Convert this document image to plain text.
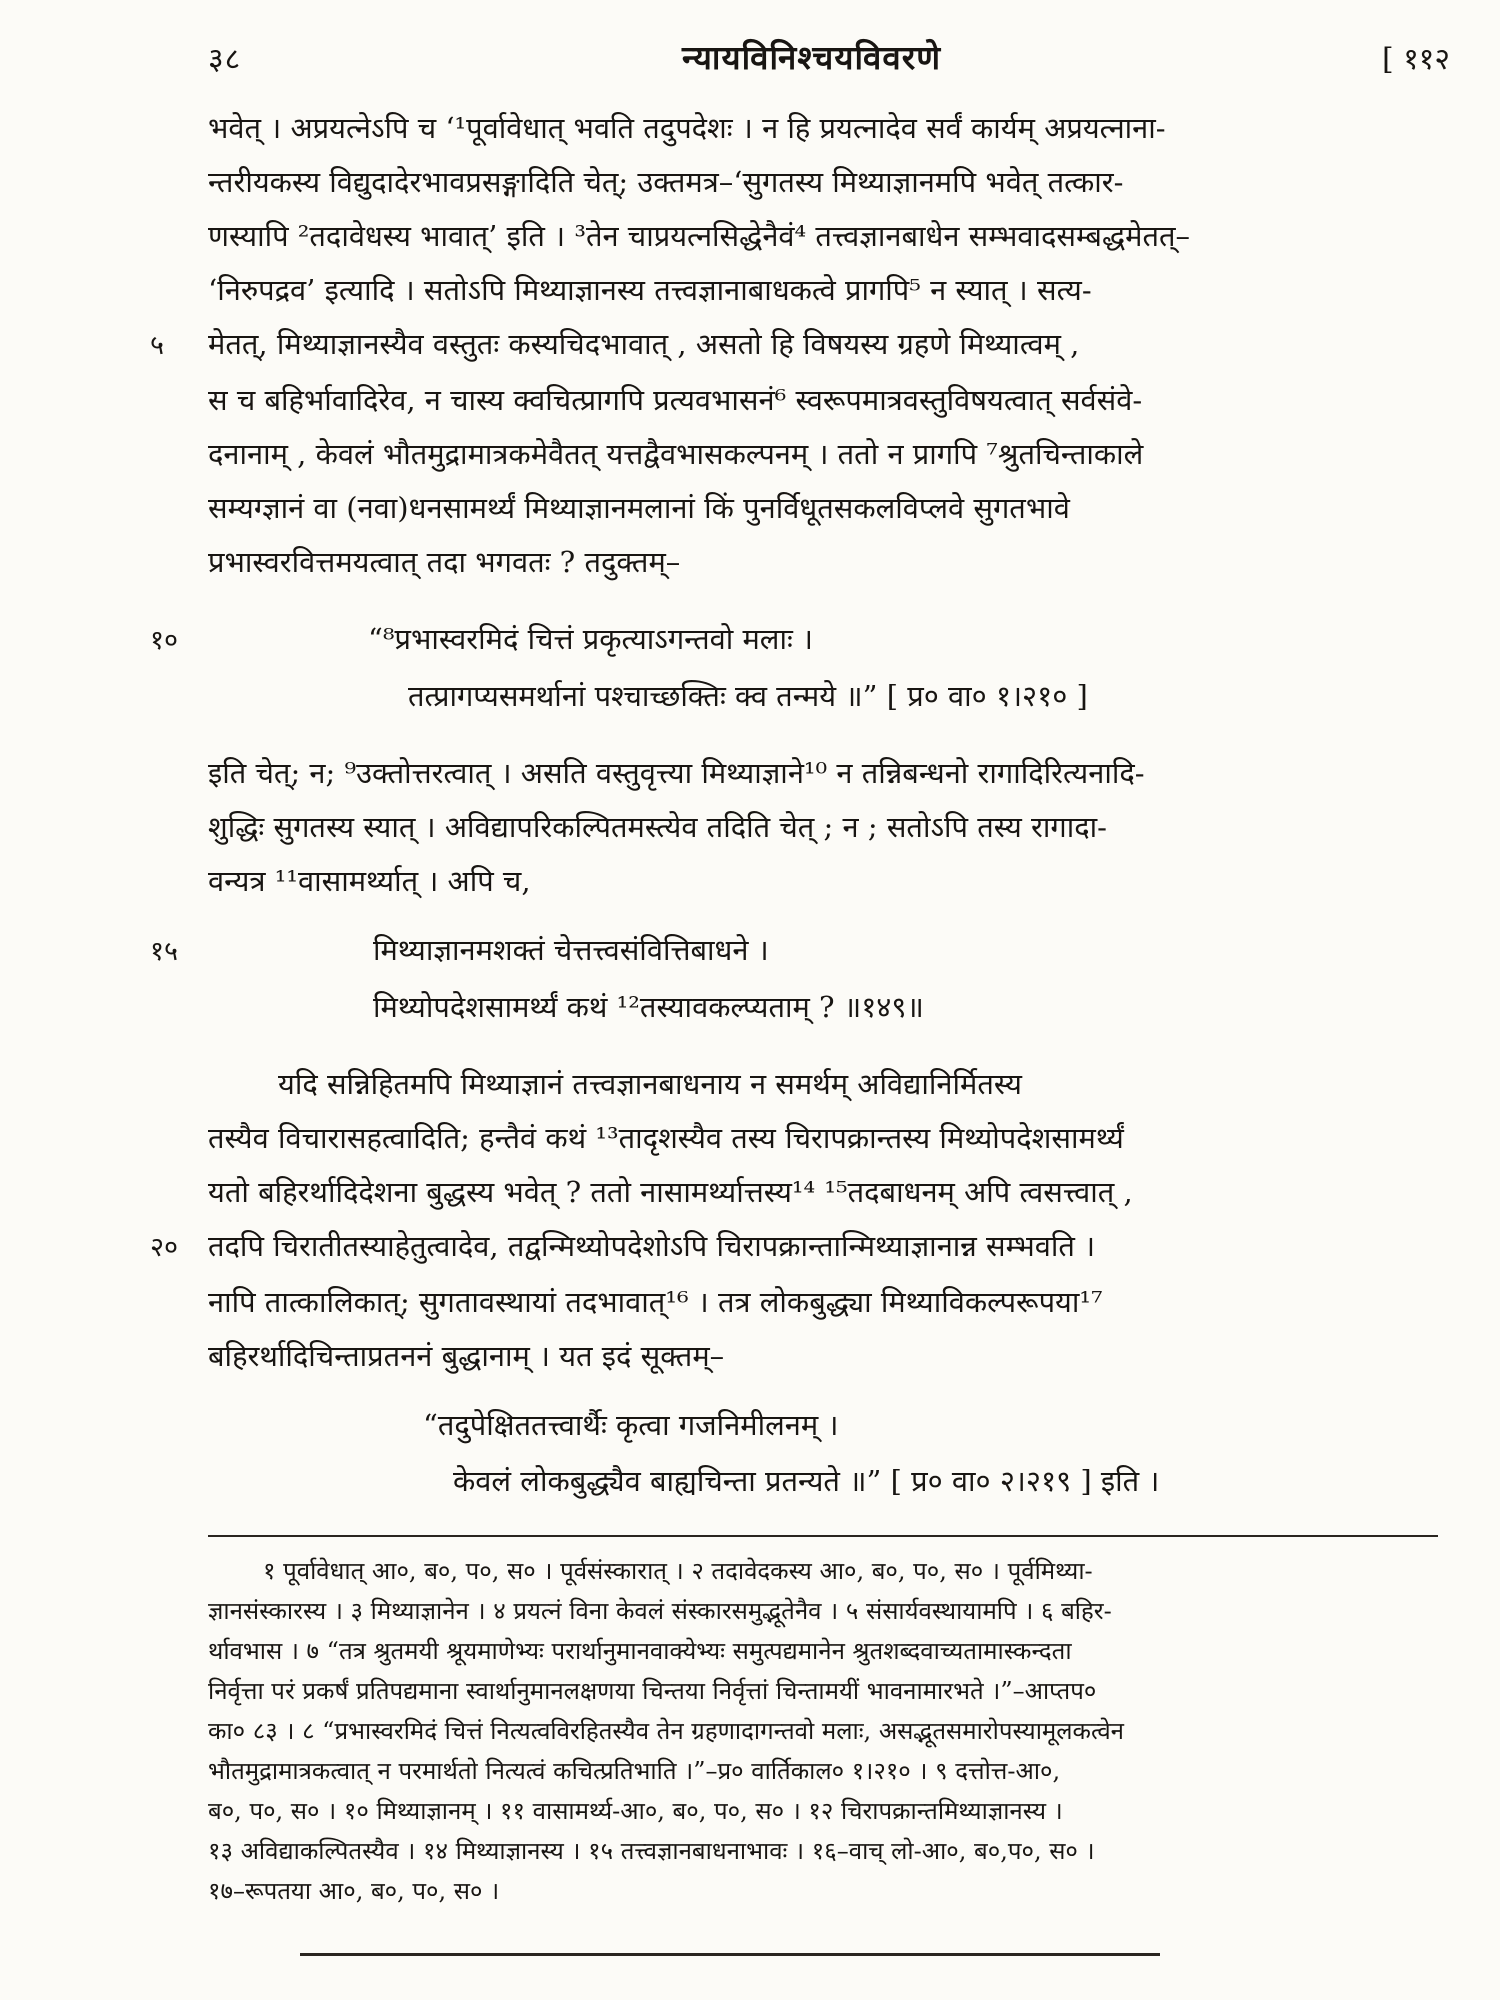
३८	न्यायविनिश्चयविवरणे	[ ११२
भवेत् । अप्रयत्नेऽपि च ‘¹पूर्वावेधात् भवति तदुपदेशः । न हि प्रयत्नादेव सर्वं कार्यम् अप्रयत्नाना-
न्तरीयकस्य विद्युदादेरभावप्रसङ्गादिति चेत्; उक्तमत्र–‘सुगतस्य मिथ्याज्ञानमपि भवेत् तत्कार-
णस्यापि ²तदावेधस्य भावात्’ इति । ³तेन चाप्रयत्नसिद्धेनैवं⁴ तत्त्वज्ञानबाधेन सम्भवादसम्बद्धमेतत्–
‘निरुपद्रव’ इत्यादि । सतोऽपि मिथ्याज्ञानस्य तत्त्वज्ञानाबाधकत्वे प्रागपि⁵ न स्यात् । सत्य-
५	मेतत्, मिथ्याज्ञानस्यैव वस्तुतः कस्यचिदभावात् , असतो हि विषयस्य ग्रहणे मिथ्यात्वम् ,
स च बहिर्भावादिरेव, न चास्य क्वचित्प्रागपि प्रत्यवभासनं⁶ स्वरूपमात्रवस्तुविषयत्वात् सर्वसंवे-
दनानाम् , केवलं भौतमुद्रामात्रकमेवैतत् यत्तद्वैवभासकल्पनम् । ततो न प्रागपि ⁷श्रुतचिन्ताकाले
सम्यग्ज्ञानं वा (नवा)धनसामर्थ्यं मिथ्याज्ञानमलानां किं पुनर्विधूतसकलविप्लवे सुगतभावे
प्रभास्वरवित्तमयत्वात् तदा भगवतः ? तदुक्तम्–
१०	“⁸प्रभास्वरमिदं चित्तं प्रकृत्याऽगन्तवो मलाः ।
तत्प्रागप्यसमर्थानां पश्चाच्छक्तिः क्व तन्मये ॥” [ प्र० वा० १।२१० ]
इति चेत्; न; ⁹उक्तोत्तरत्वात् । असति वस्तुवृत्त्या मिथ्याज्ञाने¹⁰ न तन्निबन्धनो रागादिरित्यनादि-
शुद्धिः सुगतस्य स्यात् । अविद्यापरिकल्पितमस्त्येव तदिति चेत् ; न ; सतोऽपि तस्य रागादा-
वन्यत्र ¹¹वासामर्थ्यात् । अपि च,
१५	मिथ्याज्ञानमशक्तं चेत्तत्त्वसंवित्तिबाधने ।
मिथ्योपदेशसामर्थ्यं कथं ¹²तस्यावकल्प्यताम् ? ॥१४९॥
यदि सन्निहितमपि मिथ्याज्ञानं तत्त्वज्ञानबाधनाय न समर्थम् अविद्यानिर्मितस्य
तस्यैव विचारासहत्वादिति; हन्तैवं कथं ¹³तादृशस्यैव तस्य चिरापक्रान्तस्य मिथ्योपदेशसामर्थ्यं
यतो बहिरर्थादिदेशना बुद्धस्य भवेत् ? ततो नासामर्थ्यात्तस्य¹⁴ ¹⁵तदबाधनम् अपि त्वसत्त्वात् ,
२०	तदपि चिरातीतस्याहेतुत्वादेव, तद्वन्मिथ्योपदेशोऽपि चिरापक्रान्तान्मिथ्याज्ञानान्न सम्भवति ।
नापि तात्कालिकात्; सुगतावस्थायां तदभावात्¹⁶ । तत्र लोकबुद्ध्या मिथ्याविकल्परूपया¹⁷
बहिरर्थादिचिन्ताप्रतननं बुद्धानाम् । यत इदं सूक्तम्–
“तदुपेक्षिततत्त्वार्थैः कृत्वा गजनिमीलनम् ।
केवलं लोकबुद्ध्यैव बाह्यचिन्ता प्रतन्यते ॥” [ प्र० वा० २।२१९ ] इति ।
१ पूर्वावेधात् आ०, ब०, प०, स० । पूर्वसंस्कारात् । २ तदावेदकस्य आ०, ब०, प०, स० । पूर्वमिथ्या-
ज्ञानसंस्कारस्य । ३ मिथ्याज्ञानेन । ४ प्रयत्नं विना केवलं संस्कारसमुद्भूतेनैव । ५ संसार्यवस्थायामपि । ६ बहिर-
र्थावभास । ७ “तत्र श्रुतमयी श्रूयमाणेभ्यः परार्थानुमानवाक्येभ्यः समुत्पद्यमानेन श्रुतशब्दवाच्यतामास्कन्दता
निर्वृत्ता परं प्रकर्षं प्रतिपद्यमाना स्वार्थानुमानलक्षणया चिन्तया निर्वृत्तां चिन्तामयीं भावनामारभते ।”–आप्तप०
का० ८३ । ८ “प्रभास्वरमिदं चित्तं नित्यत्वविरहितस्यैव तेन ग्रहणादागन्तवो मलाः, असद्भूतसमारोपस्यामूलकत्वेन
भौतमुद्रामात्रकत्वात् न परमार्थतो नित्यत्वं कचित्प्रतिभाति ।”–प्र० वार्तिकाल० १।२१० । ९ दत्तोत्त-आ०,
ब०, प०, स० । १० मिथ्याज्ञानम् । ११ वासामर्थ्य-आ०, ब०, प०, स० । १२ चिरापक्रान्तमिथ्याज्ञानस्य ।
१३ अविद्याकल्पितस्यैव । १४ मिथ्याज्ञानस्य । १५ तत्त्वज्ञानबाधनाभावः । १६–वाच् लो-आ०, ब०,प०, स० ।
१७–रूपतया आ०, ब०, प०, स० ।
